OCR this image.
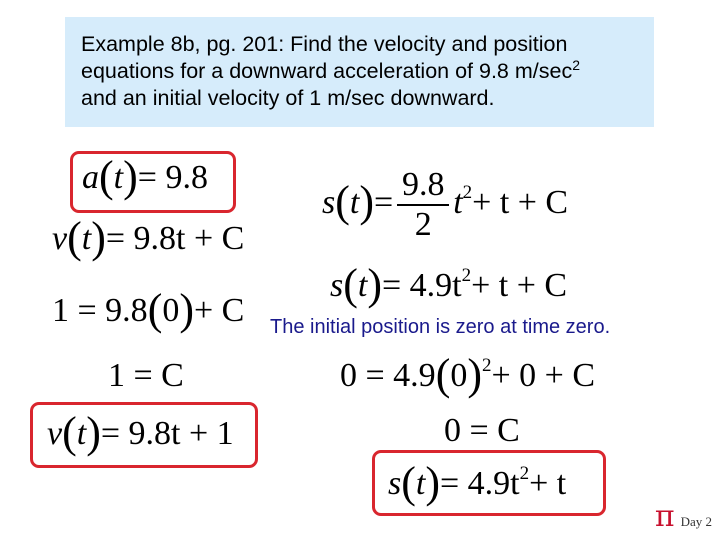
Example 8b, pg. 201: Find the velocity and position

equations for a downward acceleration of 9.8 $m/\sec^2$

and an initial velocity of 1 m/sec downward.

a(t)= 9.8
v(t)= 9.8t + C
1 = 9.8(0)+ C
1 = C
v(t)= 9.8t + 1
$s(t)= \frac{9.8}{2} t^2+ t + C$
$s(t)= 4.9t^2+ t + C$
The initial position is zero at time zero.
$0 = 4.9(0)^2+ 0 + C$
0 = C
$s(t)= 4.9t^2+ t$
π Day 2
